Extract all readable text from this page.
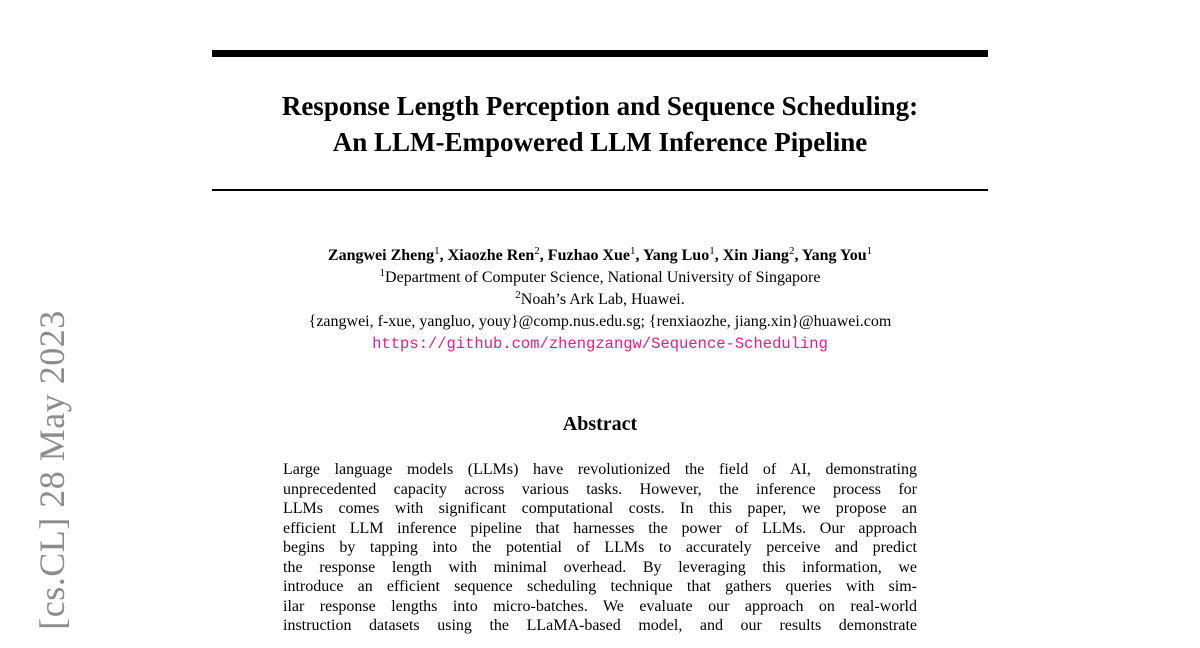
[cs.CL] 28 May 2023
Response Length Perception and Sequence Scheduling:
An LLM-Empowered LLM Inference Pipeline
Zangwei Zheng$^1$, Xiaozhe Ren$^2$, Fuzhao Xue$^1$, Yang Luo$^1$, Xin Jiang$^2$, Yang You$^1$
$^1$Department of Computer Science, National University of Singapore
$^2$Noah’s Ark Lab, Huawei.
{zangwei, f-xue, yangluo, youy}@comp.nus.edu.sg; {renxiaozhe, jiang.xin}@huawei.com
https://github.com/zhengzangw/Sequence-Scheduling
Abstract
Large language models (LLMs) have revolutionized the field of AI, demonstrating
unprecedented capacity across various tasks. However, the inference process for
LLMs comes with significant computational costs. In this paper, we propose an
efficient LLM inference pipeline that harnesses the power of LLMs. Our approach
begins by tapping into the potential of LLMs to accurately perceive and predict
the response length with minimal overhead. By leveraging this information, we
introduce an efficient sequence scheduling technique that gathers queries with sim-
ilar response lengths into micro-batches. We evaluate our approach on real-world
instruction datasets using the LLaMA-based model, and our results demonstrate
